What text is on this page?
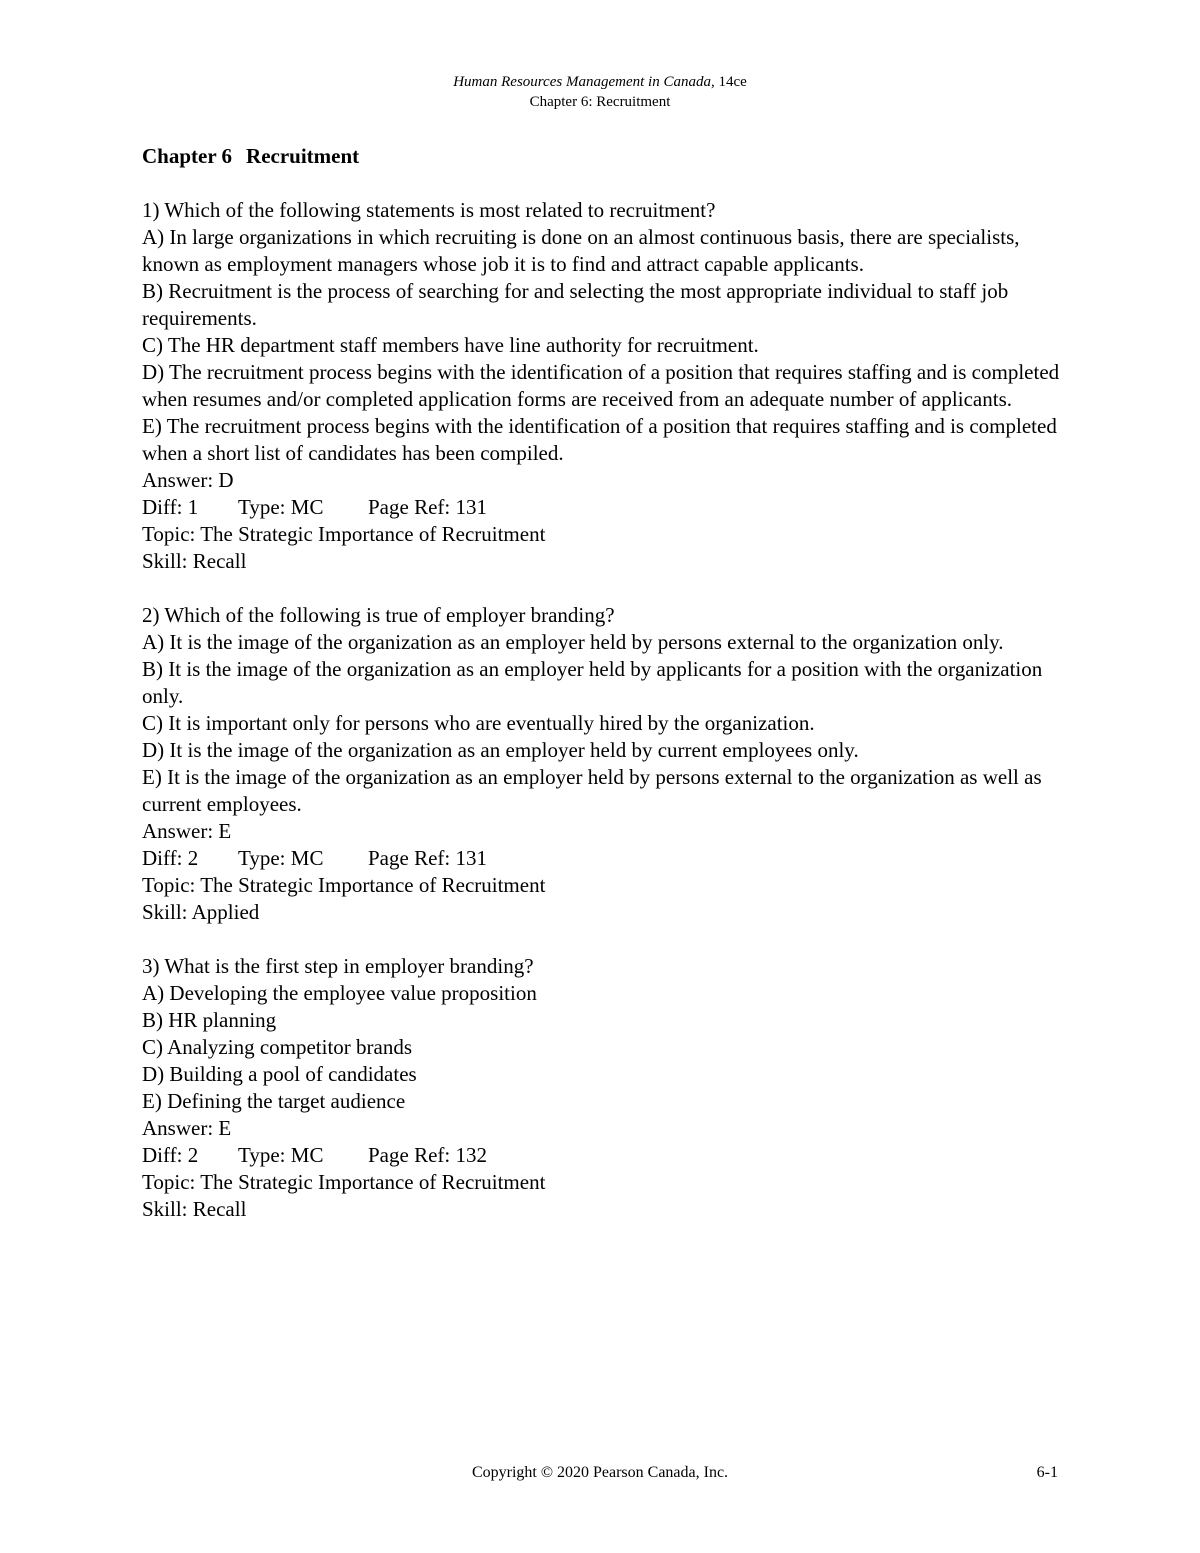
Human Resources Management in Canada, 14ce
Chapter 6: Recruitment
Chapter 6 Recruitment
1) Which of the following statements is most related to recruitment?
A) In large organizations in which recruiting is done on an almost continuous basis, there are specialists, known as employment managers whose job it is to find and attract capable applicants.
B) Recruitment is the process of searching for and selecting the most appropriate individual to staff job requirements.
C) The HR department staff members have line authority for recruitment.
D) The recruitment process begins with the identification of a position that requires staffing and is completed when resumes and/or completed application forms are received from an adequate number of applicants.
E) The recruitment process begins with the identification of a position that requires staffing and is completed when a short list of candidates has been compiled.
Answer: D
Diff: 1 Type: MC Page Ref: 131
Topic: The Strategic Importance of Recruitment
Skill: Recall
2) Which of the following is true of employer branding?
A) It is the image of the organization as an employer held by persons external to the organization only.
B) It is the image of the organization as an employer held by applicants for a position with the organization only.
C) It is important only for persons who are eventually hired by the organization.
D) It is the image of the organization as an employer held by current employees only.
E) It is the image of the organization as an employer held by persons external to the organization as well as current employees.
Answer: E
Diff: 2 Type: MC Page Ref: 131
Topic: The Strategic Importance of Recruitment
Skill: Applied
3) What is the first step in employer branding?
A) Developing the employee value proposition
B) HR planning
C) Analyzing competitor brands
D) Building a pool of candidates
E) Defining the target audience
Answer: E
Diff: 2 Type: MC Page Ref: 132
Topic: The Strategic Importance of Recruitment
Skill: Recall
Copyright © 2020 Pearson Canada, Inc.	6-1
